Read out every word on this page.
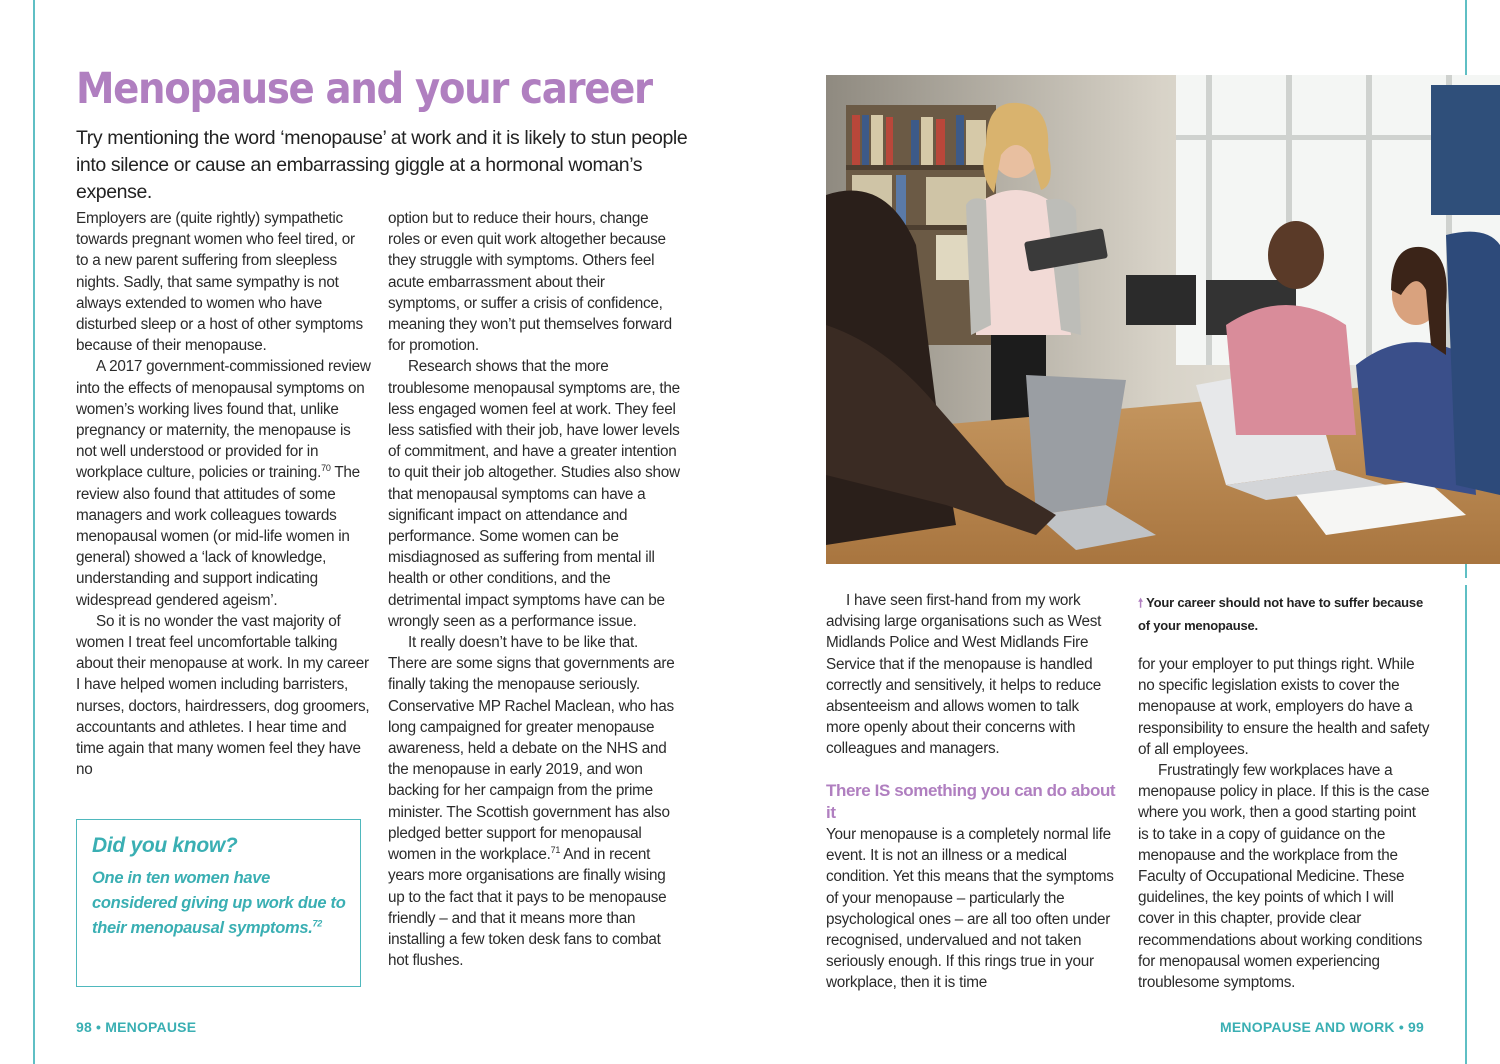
Menopause and your career

Try mentioning the word ‘menopause’ at work and it is likely to stun people into silence or cause an embarrassing giggle at a hormonal woman’s expense.

Employers are (quite rightly) sympathetic towards pregnant women who feel tired, or to a new parent suffering from sleepless nights. Sadly, that same sympathy is not always extended to women who have disturbed sleep or a host of other symptoms because of their menopause.

A 2017 government-commissioned review into the effects of menopausal symptoms on women’s working lives found that, unlike pregnancy or maternity, the menopause is not well understood or provided for in workplace culture, policies or training.$^{70}$ The review also found that attitudes of some managers and work colleagues towards menopausal women (or mid-life women in general) showed a ‘lack of knowledge, understanding and support indicating widespread gendered ageism’.

So it is no wonder the vast majority of women I treat feel uncomfortable talking about their menopause at work. In my career I have helped women including barristers, nurses, doctors, hairdressers, dog groomers, accountants and athletes. I hear time and time again that many women feel they have no

Did you know?

One in ten women have considered giving up work due to their menopausal symptoms.$^{72}$

option but to reduce their hours, change roles or even quit work altogether because they struggle with symptoms. Others feel acute embarrassment about their symptoms, or suffer a crisis of confidence, meaning they won’t put themselves forward for promotion.

Research shows that the more troublesome menopausal symptoms are, the less engaged women feel at work. They feel less satisfied with their job, have lower levels of commitment, and have a greater intention to quit their job altogether. Studies also show that menopausal symptoms can have a significant impact on attendance and performance. Some women can be misdiagnosed as suffering from mental ill health or other conditions, and the detrimental impact symptoms have can be wrongly seen as a performance issue.

It really doesn’t have to be like that. There are some signs that governments are finally taking the menopause seriously. Conservative MP Rachel Maclean, who has long campaigned for greater menopause awareness, held a debate on the NHS and the menopause in early 2019, and won backing for her campaign from the prime minister. The Scottish government has also pledged better support for menopausal women in the workplace.$^{71}$ And in recent years more organisations are finally wising up to the fact that it pays to be menopause friendly – and that it means more than installing a few token desk fans to combat hot flushes.

98 • MENOPAUSE

I have seen first-hand from my work advising large organisations such as West Midlands Police and West Midlands Fire Service that if the menopause is handled correctly and sensitively, it helps to reduce absenteeism and allows women to talk more openly about their concerns with colleagues and managers.

There IS something you can do about it
Your menopause is a completely normal life event. It is not an illness or a medical condition. Yet this means that the symptoms of your menopause – particularly the psychological ones – are all too often under recognised, undervalued and not taken seriously enough. If this rings true in your workplace, then it is time
🠕 Your career should not have to suffer because of your menopause.

for your employer to put things right. While no specific legislation exists to cover the menopause at work, employers do have a responsibility to ensure the health and safety of all employees.

Frustratingly few workplaces have a menopause policy in place. If this is the case where you work, then a good starting point is to take in a copy of guidance on the menopause and the workplace from the Faculty of Occupational Medicine. These guidelines, the key points of which I will cover in this chapter, provide clear recommendations about working conditions for menopausal women experiencing troublesome symptoms.

MENOPAUSE AND WORK • 99
